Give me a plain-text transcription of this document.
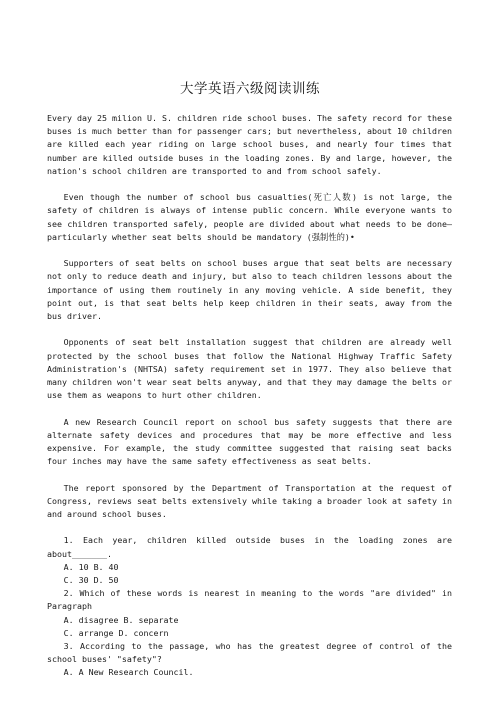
大学英语六级阅读训练

Every day 25 milion U. S. children ride school buses. The safety record for these buses is much better than for passenger cars; but nevertheless, about 10 children are killed each year riding on large school buses, and nearly four times that number are killed outside buses in the loading zones. By and large, however, the nation's school children are transported to and from school safely.

Even though the number of school bus casualties(死亡人数) is not large, the safety of children is always of intense public concern. While everyone wants to see children transported safely, people are divided about what needs to be done—particularly whether seat belts should be mandatory (强制性的)•

Supporters of seat belts on school buses argue that seat belts are necessary not only to reduce death and injury, but also to teach children lessons about the importance of using them routinely in any moving vehicle. A side benefit, they point out, is that seat belts help keep children in their seats, away from the bus driver.

Opponents of seat belt installation suggest that children are already well protected by the school buses that follow the National Highway Traffic Safety Administration's (NHTSA) safety requirement set in 1977. They also believe that many children won't wear seat belts anyway, and that they may damage the belts or use them as weapons to hurt other children.

A new Research Council report on school bus safety suggests that there are alternate safety devices and procedures that may be more effective and less expensive. For example, the study committee suggested that raising seat backs four inches may have the same safety effectiveness as seat belts.

The report sponsored by the Department of Transportation at the request of Congress, reviews seat belts extensively while taking a broader look at safety in and around school buses.

1. Each year, children killed outside buses in the loading zones are about_______.

A. 10 B. 40

C. 30 D. 50

2. Which of these words is nearest in meaning to the words "are divided" in Paragraph

A. disagree B. separate

C. arrange D. concern

3. According to the passage, who has the greatest degree of control of the school buses' "safety"?

A. A New Research Council.
